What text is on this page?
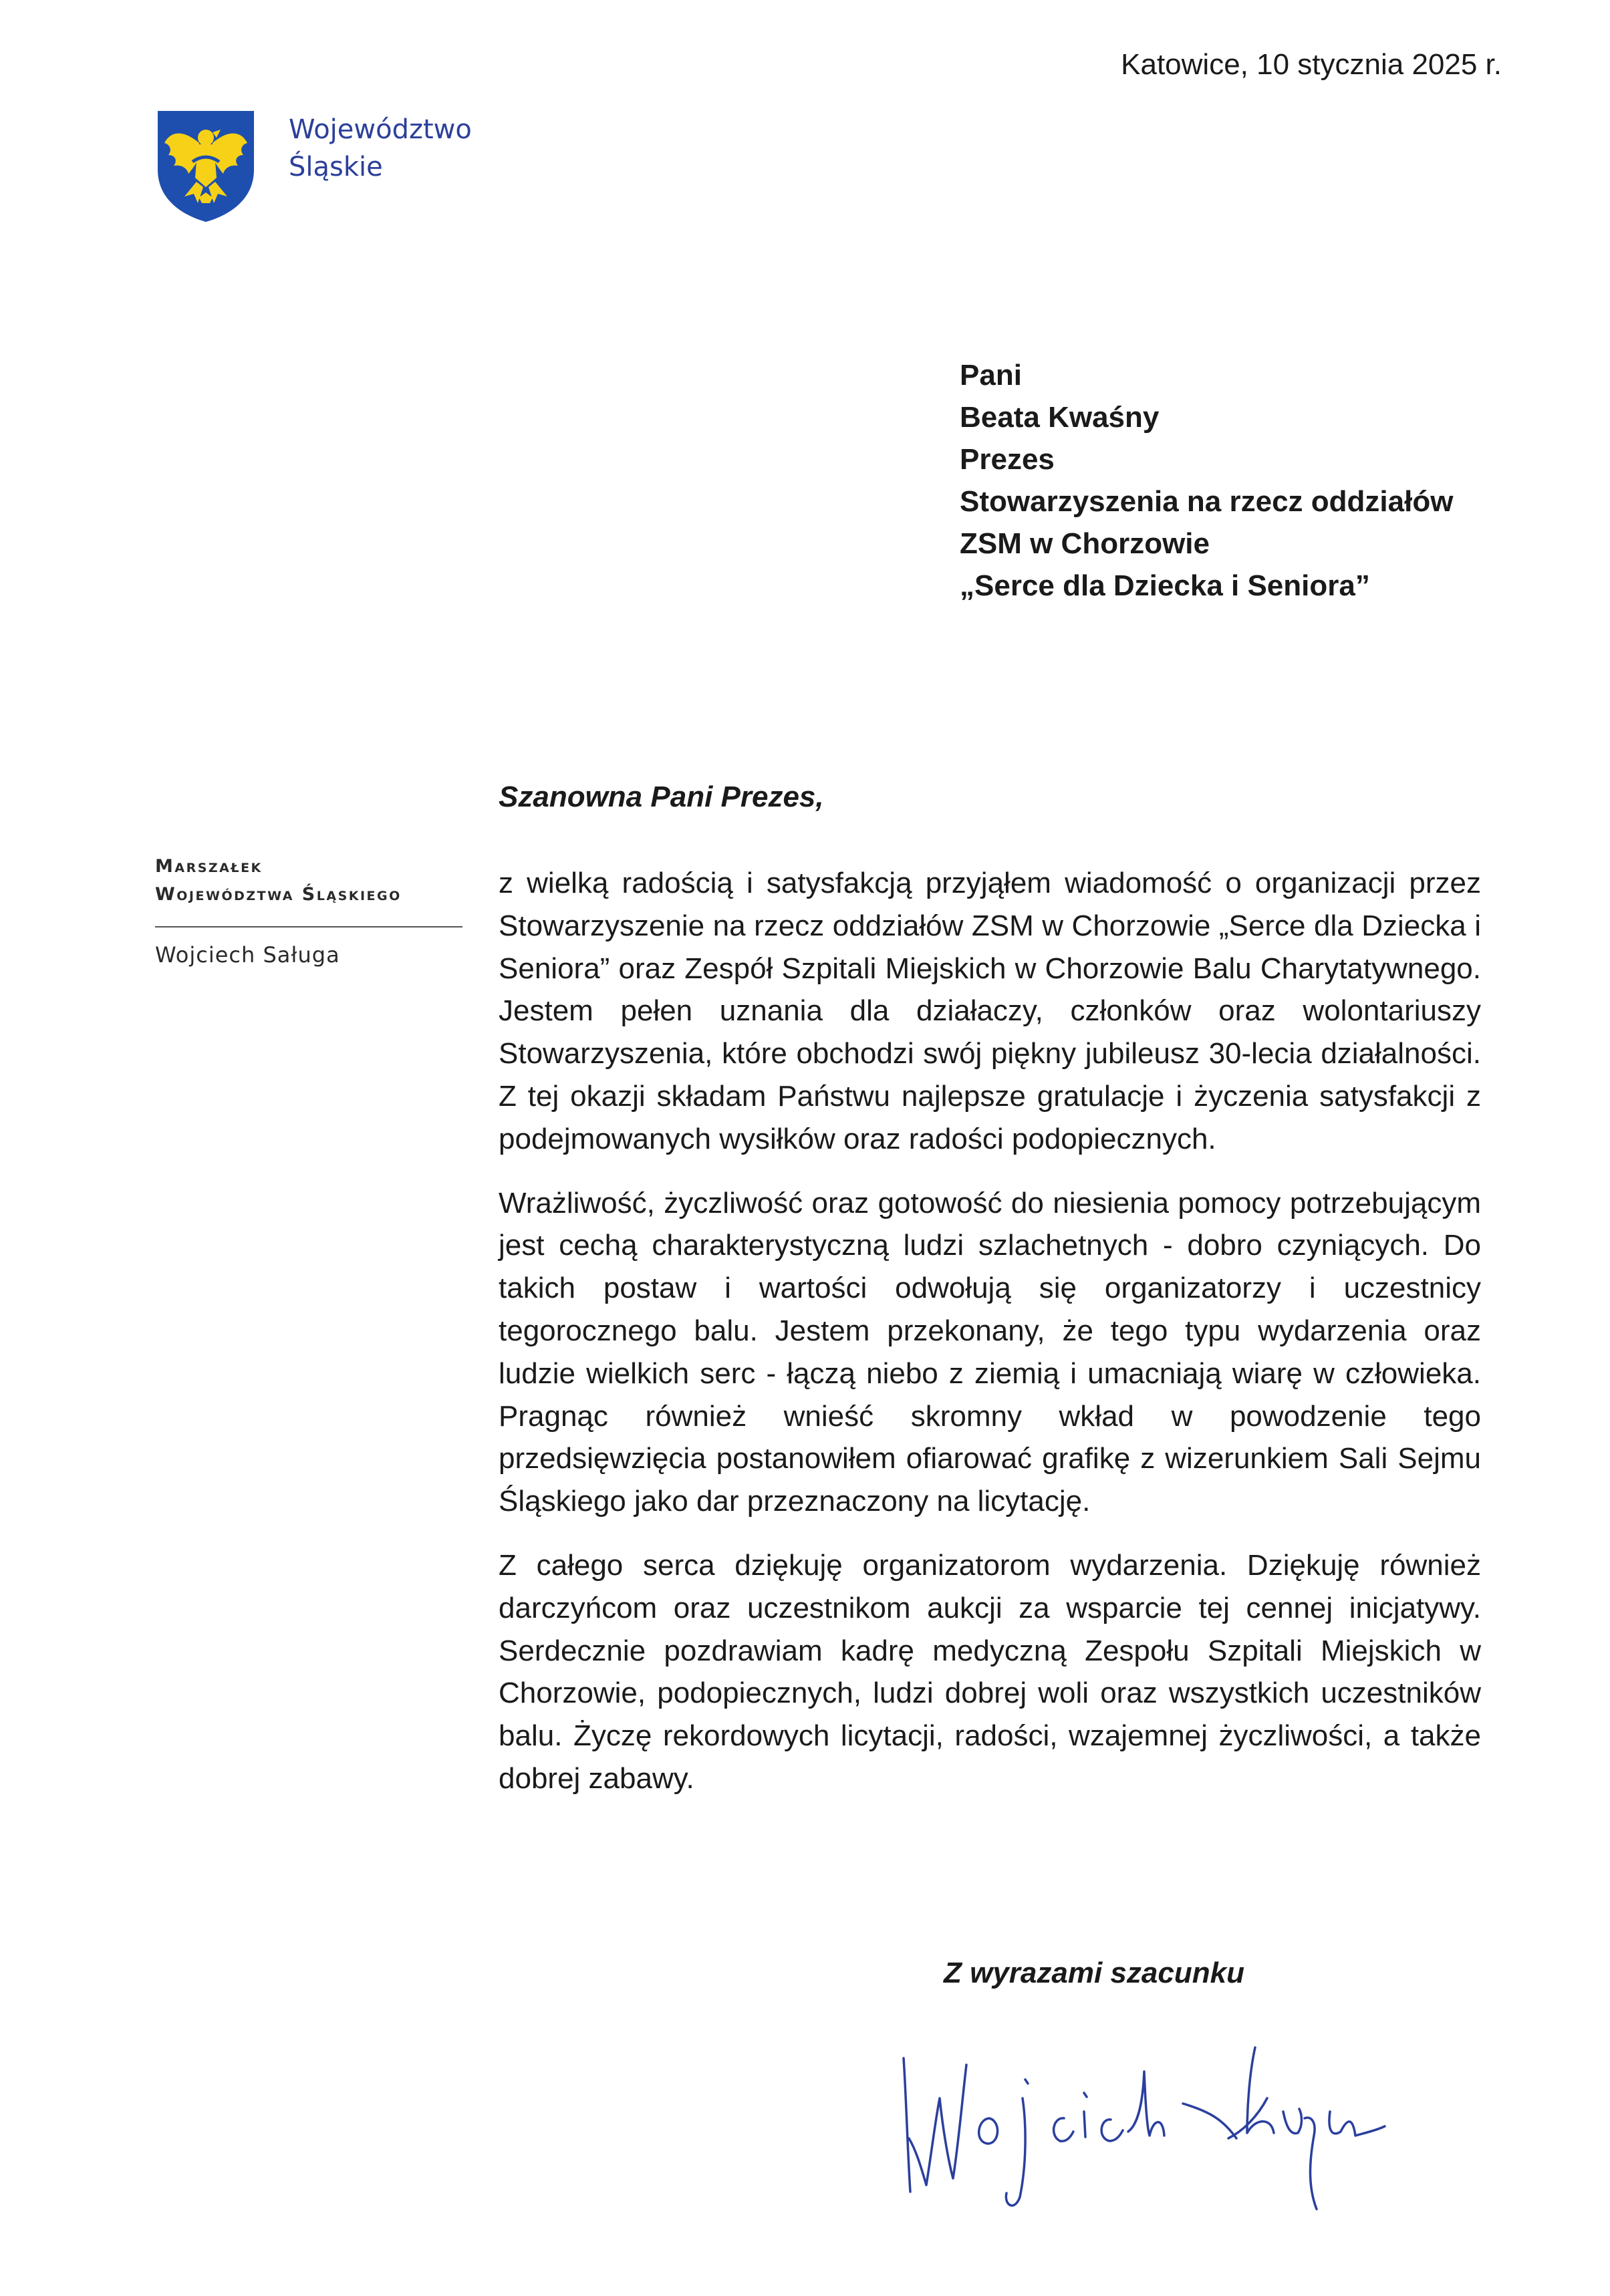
Katowice, 10 stycznia 2025 r.
Województwo
Śląskie
Pani
Beata Kwaśny
Prezes
Stowarzyszenia na rzecz oddziałów
ZSM w Chorzowie
„Serce dla Dziecka i Seniora”
Szanowna Pani Prezes,
Marszałek
Województwa Śląskiego
Wojciech Saługa

z wielką radością i satysfakcją przyjąłem wiadomość o organizacji przez Stowarzyszenie na rzecz oddziałów ZSM w Chorzowie „Serce dla Dziecka i Seniora” oraz Zespół Szpitali Miejskich w Chorzowie Balu Charytatywnego. Jestem pełen uznania dla działaczy, członków oraz wolontariuszy Stowarzyszenia, które obchodzi swój piękny jubileusz 30-lecia działalności. Z tej okazji składam Państwu najlepsze gratulacje i życzenia satysfakcji z podejmowanych wysiłków oraz radości podopiecznych.

Wrażliwość, życzliwość oraz gotowość do niesienia pomocy potrzebującym jest cechą charakterystyczną ludzi szlachetnych - dobro czyniących. Do takich postaw i wartości odwołują się organizatorzy i uczestnicy tegorocznego balu. Jestem przekonany, że tego typu wydarzenia oraz ludzie wielkich serc - łączą niebo z ziemią i umacniają wiarę w człowieka. Pragnąc również wnieść skromny wkład w powodzenie tego przedsięwzięcia postanowiłem ofiarować grafikę z wizerunkiem Sali Sejmu Śląskiego jako dar przeznaczony na licytację.

Z całego serca dziękuję organizatorom wydarzenia. Dziękuję również darczyńcom oraz uczestnikom aukcji za wsparcie tej cennej inicjatywy. Serdecznie pozdrawiam kadrę medyczną Zespołu Szpitali Miejskich w Chorzowie, podopiecznych, ludzi dobrej woli oraz wszystkich uczestników balu. Życzę rekordowych licytacji, radości, wzajemnej życzliwości, a także dobrej zabawy.

Z wyrazami szacunku
